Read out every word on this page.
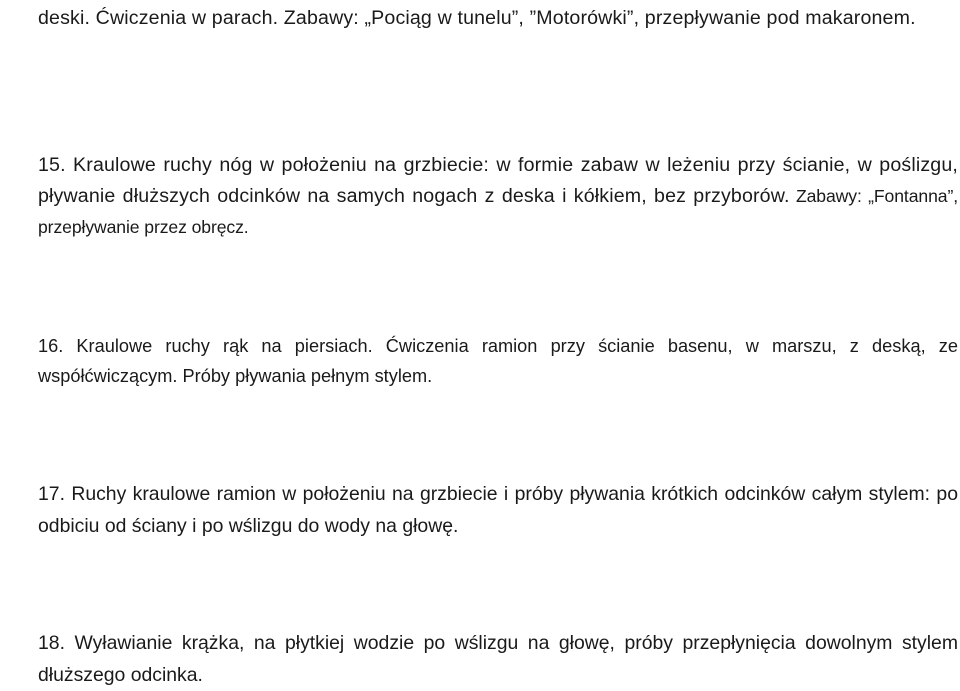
deski. Ćwiczenia w parach. Zabawy: „Pociąg w tunelu”, ”Motorówki”, przepływanie pod makaronem.
15. Kraulowe ruchy nóg w położeniu na grzbiecie: w formie zabaw w leżeniu przy ścianie, w poślizgu, pływanie dłuższych odcinków na samych nogach z deska i kółkiem, bez przyborów. Zabawy: „Fontanna”, przepływanie przez obręcz.
16. Kraulowe ruchy rąk na piersiach. Ćwiczenia ramion przy ścianie basenu, w marszu, z deską, ze współćwiczącym. Próby pływania pełnym stylem.
17. Ruchy kraulowe ramion w położeniu na grzbiecie i próby pływania krótkich odcinków całym stylem: po odbiciu od ściany i po wślizgu do wody na głowę.
18. Wyławianie krążka, na płytkiej wodzie po wślizgu na głowę, próby przepłynięcia dowolnym stylem dłuższego odcinka.
